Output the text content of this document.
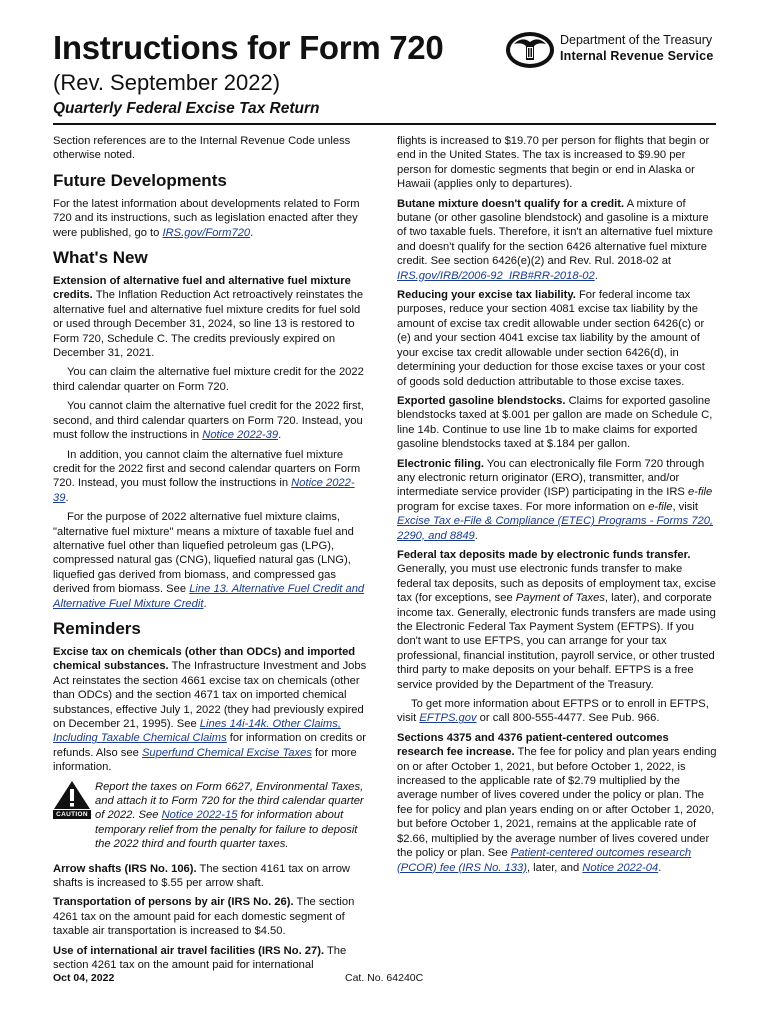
Instructions for Form 720
(Rev. September 2022)
Quarterly Federal Excise Tax Return
Department of the Treasury
Internal Revenue Service

Section references are to the Internal Revenue Code unless otherwise noted.

Future Developments

For the latest information about developments related to Form 720 and its instructions, such as legislation enacted after they were published, go to IRS.gov/Form720.

What's New

Extension of alternative fuel and alternative fuel mixture credits. The Inflation Reduction Act retroactively reinstates the alternative fuel and alternative fuel mixture credits for fuel sold or used through December 31, 2024, so line 13 is restored to Form 720, Schedule C. The credits previously expired on December 31, 2021.

You can claim the alternative fuel mixture credit for the 2022 third calendar quarter on Form 720.

You cannot claim the alternative fuel credit for the 2022 first, second, and third calendar quarters on Form 720. Instead, you must follow the instructions in Notice 2022-39.

In addition, you cannot claim the alternative fuel mixture credit for the 2022 first and second calendar quarters on Form 720. Instead, you must follow the instructions in Notice 2022-39.

For the purpose of 2022 alternative fuel mixture claims, "alternative fuel mixture" means a mixture of taxable fuel and alternative fuel other than liquefied petroleum gas (LPG), compressed natural gas (CNG), liquefied natural gas (LNG), liquefied gas derived from biomass, and compressed gas derived from biomass. See Line 13. Alternative Fuel Credit and Alternative Fuel Mixture Credit.

Reminders

Excise tax on chemicals (other than ODCs) and imported chemical substances. The Infrastructure Investment and Jobs Act reinstates the section 4661 excise tax on chemicals (other than ODCs) and the section 4671 tax on imported chemical substances, effective July 1, 2022 (they had previously expired on December 21, 1995). See Lines 14i-14k. Other Claims, Including Taxable Chemical Claims for information on credits or refunds. Also see Superfund Chemical Excise Taxes for more information.

CAUTION
Report the taxes on Form 6627, Environmental Taxes, and attach it to Form 720 for the third calendar quarter of 2022. See Notice 2022-15 for information about temporary relief from the penalty for failure to deposit the 2022 third and fourth quarter taxes.

Arrow shafts (IRS No. 106). The section 4161 tax on arrow shafts is increased to $.55 per arrow shaft.

Transportation of persons by air (IRS No. 26). The section 4261 tax on the amount paid for each domestic segment of taxable air transportation is increased to $4.50.

Use of international air travel facilities (IRS No. 27). The section 4261 tax on the amount paid for international

flights is increased to $19.70 per person for flights that begin or end in the United States. The tax is increased to $9.90 per person for domestic segments that begin or end in Alaska or Hawaii (applies only to departures).

Butane mixture doesn't qualify for a credit. A mixture of butane (or other gasoline blendstock) and gasoline is a mixture of two taxable fuels. Therefore, it isn't an alternative fuel mixture and doesn't qualify for the section 6426 alternative fuel mixture credit. See section 6426(e)(2) and Rev. Rul. 2018-02 at IRS.gov/IRB/2006-92_IRB#RR-2018-02.

Reducing your excise tax liability. For federal income tax purposes, reduce your section 4081 excise tax liability by the amount of excise tax credit allowable under section 6426(c) or (e) and your section 4041 excise tax liability by the amount of your excise tax credit allowable under section 6426(d), in determining your deduction for those excise taxes or your cost of goods sold deduction attributable to those excise taxes.

Exported gasoline blendstocks. Claims for exported gasoline blendstocks taxed at $.001 per gallon are made on Schedule C, line 14b. Continue to use line 1b to make claims for exported gasoline blendstocks taxed at $.184 per gallon.

Electronic filing. You can electronically file Form 720 through any electronic return originator (ERO), transmitter, and/or intermediate service provider (ISP) participating in the IRS e-file program for excise taxes. For more information on e-file, visit Excise Tax e-File & Compliance (ETEC) Programs - Forms 720, 2290, and 8849.

Federal tax deposits made by electronic funds transfer. Generally, you must use electronic funds transfer to make federal tax deposits, such as deposits of employment tax, excise tax (for exceptions, see Payment of Taxes, later), and corporate income tax. Generally, electronic funds transfers are made using the Electronic Federal Tax Payment System (EFTPS). If you don't want to use EFTPS, you can arrange for your tax professional, financial institution, payroll service, or other trusted third party to make deposits on your behalf. EFTPS is a free service provided by the Department of the Treasury.

To get more information about EFTPS or to enroll in EFTPS, visit EFTPS.gov or call 800-555-4477. See Pub. 966.

Sections 4375 and 4376 patient-centered outcomes research fee increase. The fee for policy and plan years ending on or after October 1, 2021, but before October 1, 2022, is increased to the applicable rate of $2.79 multiplied by the average number of lives covered under the policy or plan. The fee for policy and plan years ending on or after October 1, 2020, but before October 1, 2021, remains at the applicable rate of $2.66, multiplied by the average number of lives covered under the policy or plan. See Patient-centered outcomes research (PCOR) fee (IRS No. 133), later, and Notice 2022-04.

Oct 04, 2022	Cat. No. 64240C
